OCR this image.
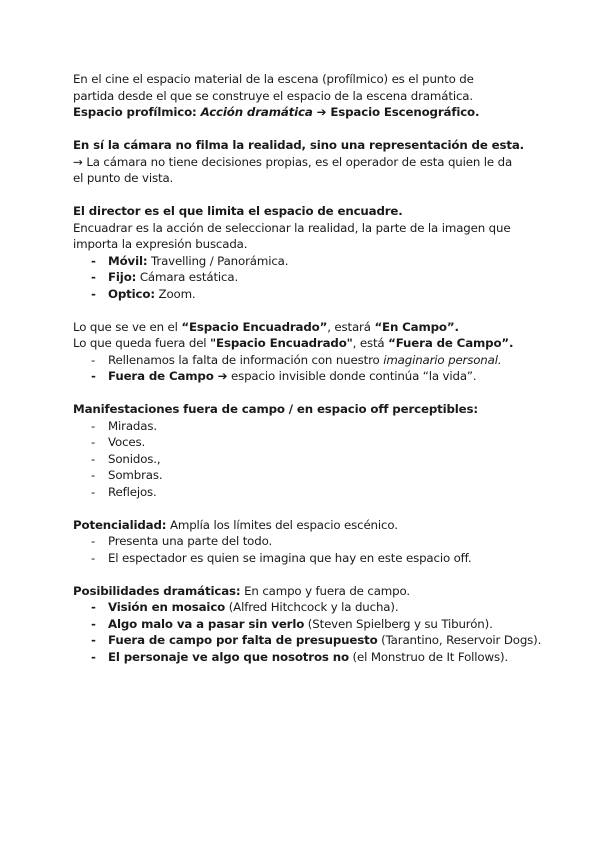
En el cine el espacio material de la escena (profílmico) es el punto de

partida desde el que se construye el espacio de la escena dramática.

Espacio profílmico: Acción dramática ➔ Espacio Escenográfico.

En sí la cámara no filma la realidad, sino una representación de esta.

→ La cámara no tiene decisiones propias, es el operador de esta quien le da

el punto de vista.

El director es el que limita el espacio de encuadre.

Encuadrar es la acción de seleccionar la realidad, la parte de la imagen que

importa la expresión buscada.

- Móvil: Travelling / Panorámica.
- Fijo: Cámara estática.
- Optico: Zoom.

Lo que se ve en el “Espacio Encuadrado”, estará “En Campo”.

Lo que queda fuera del "Espacio Encuadrado", está “Fuera de Campo”.

- Rellenamos la falta de información con nuestro imaginario personal.
- Fuera de Campo ➔ espacio invisible donde continúa “la vida”.

Manifestaciones fuera de campo / en espacio off perceptibles:

- Miradas.
- Voces.
- Sonidos.,
- Sombras.
- Reflejos.

Potencialidad: Amplía los límites del espacio escénico.

- Presenta una parte del todo.
- El espectador es quien se imagina que hay en este espacio off.

Posibilidades dramáticas: En campo y fuera de campo.

- Visión en mosaico (Alfred Hitchcock y la ducha).
- Algo malo va a pasar sin verlo (Steven Spielberg y su Tiburón).
- Fuera de campo por falta de presupuesto (Tarantino, Reservoir Dogs).
- El personaje ve algo que nosotros no (el Monstruo de It Follows).
